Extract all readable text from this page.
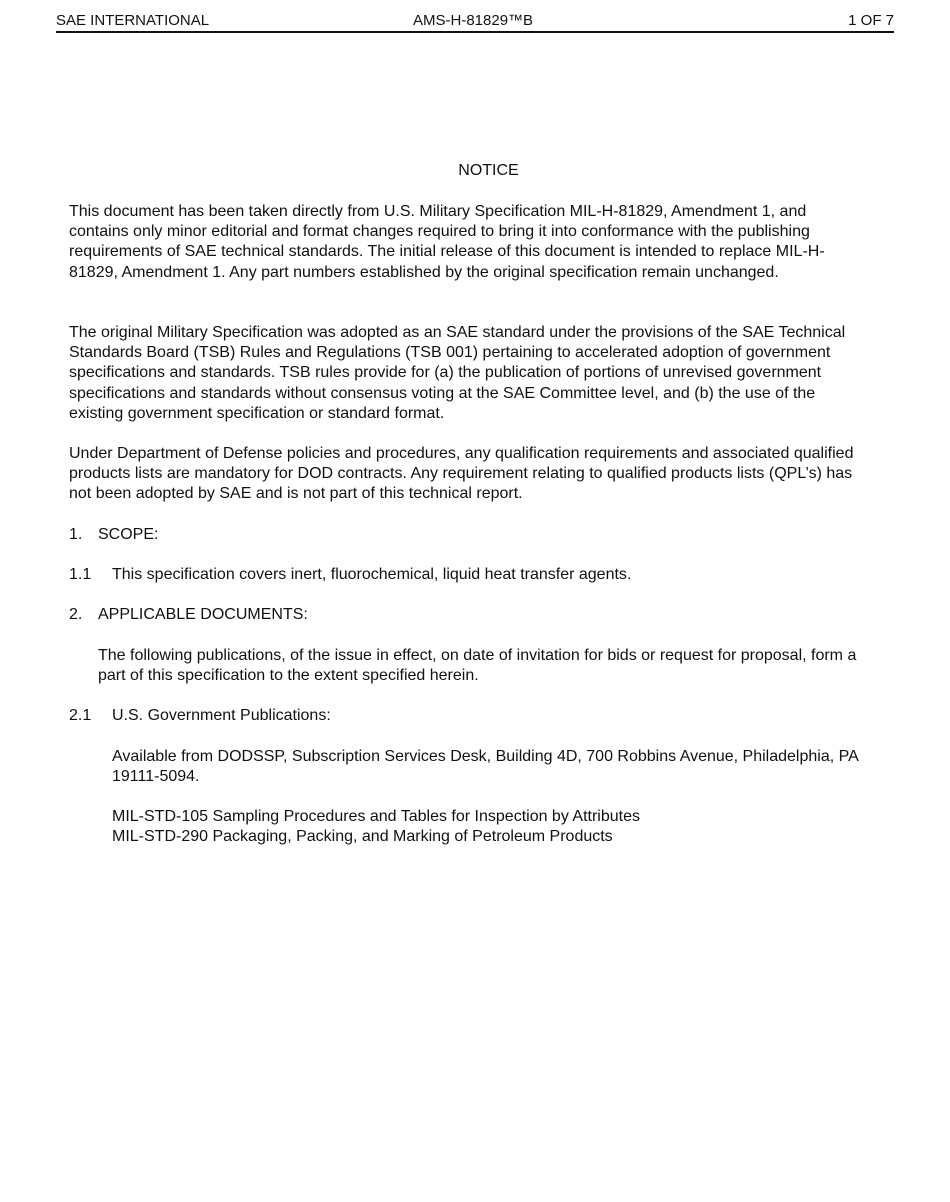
SAE INTERNATIONAL	AMS-H-81829™B	1 OF 7
NOTICE

This document has been taken directly from U.S. Military Specification MIL-H-81829, Amendment 1, and contains only minor editorial and format changes required to bring it into conformance with the publishing requirements of SAE technical standards. The initial release of this document is intended to replace MIL-H-81829, Amendment 1. Any part numbers established by the original specification remain unchanged.

The original Military Specification was adopted as an SAE standard under the provisions of the SAE Technical Standards Board (TSB) Rules and Regulations (TSB 001) pertaining to accelerated adoption of government specifications and standards. TSB rules provide for (a) the publication of portions of unrevised government specifications and standards without consensus voting at the SAE Committee level, and (b) the use of the existing government specification or standard format.

Under Department of Defense policies and procedures, any qualification requirements and associated qualified products lists are mandatory for DOD contracts. Any requirement relating to qualified products lists (QPL’s) has not been adopted by SAE and is not part of this technical report.

1. SCOPE:
1.1 This specification covers inert, fluorochemical, liquid heat transfer agents.
2. APPLICABLE DOCUMENTS:

The following publications, of the issue in effect, on date of invitation for bids or request for proposal, form a part of this specification to the extent specified herein.

2.1 U.S. Government Publications:

Available from DODSSP, Subscription Services Desk, Building 4D, 700 Robbins Avenue, Philadelphia, PA 19111-5094.

MIL-STD-105 Sampling Procedures and Tables for Inspection by Attributes
MIL-STD-290 Packaging, Packing, and Marking of Petroleum Products
